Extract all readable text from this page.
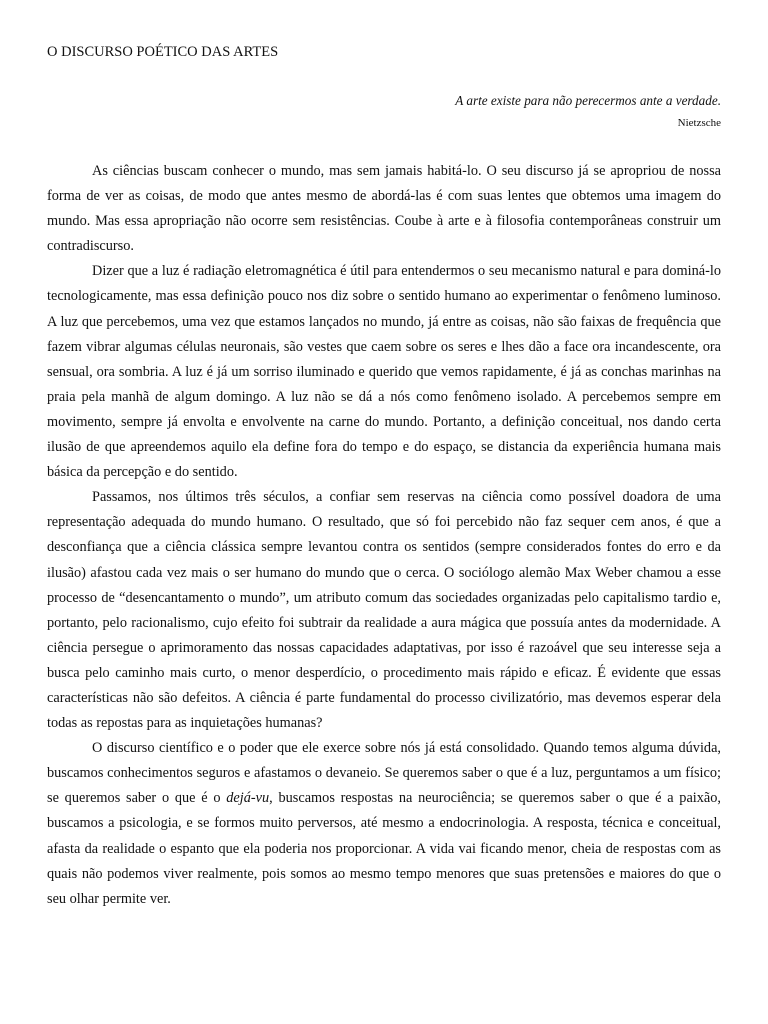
O DISCURSO POÉTICO DAS ARTES
A arte existe para não perecermos ante a verdade.
Nietzsche

As ciências buscam conhecer o mundo, mas sem jamais habitá-lo. O seu discurso já se apropriou de nossa forma de ver as coisas, de modo que antes mesmo de abordá-las é com suas lentes que obtemos uma imagem do mundo. Mas essa apropriação não ocorre sem resistências. Coube à arte e à filosofia contemporâneas construir um contradiscurso.

Dizer que a luz é radiação eletromagnética é útil para entendermos o seu mecanismo natural e para dominá-lo tecnologicamente, mas essa definição pouco nos diz sobre o sentido humano ao experimentar o fenômeno luminoso. A luz que percebemos, uma vez que estamos lançados no mundo, já entre as coisas, não são faixas de frequência que fazem vibrar algumas células neuronais, são vestes que caem sobre os seres e lhes dão a face ora incandescente, ora sensual, ora sombria. A luz é já um sorriso iluminado e querido que vemos rapidamente, é já as conchas marinhas na praia pela manhã de algum domingo. A luz não se dá a nós como fenômeno isolado. A percebemos sempre em movimento, sempre já envolta e envolvente na carne do mundo. Portanto, a definição conceitual, nos dando certa ilusão de que apreendemos aquilo ela define fora do tempo e do espaço, se distancia da experiência humana mais básica da percepção e do sentido.

Passamos, nos últimos três séculos, a confiar sem reservas na ciência como possível doadora de uma representação adequada do mundo humano. O resultado, que só foi percebido não faz sequer cem anos, é que a desconfiança que a ciência clássica sempre levantou contra os sentidos (sempre considerados fontes do erro e da ilusão) afastou cada vez mais o ser humano do mundo que o cerca. O sociólogo alemão Max Weber chamou a esse processo de “desencantamento o mundo”, um atributo comum das sociedades organizadas pelo capitalismo tardio e, portanto, pelo racionalismo, cujo efeito foi subtrair da realidade a aura mágica que possuía antes da modernidade. A ciência persegue o aprimoramento das nossas capacidades adaptativas, por isso é razoável que seu interesse seja a busca pelo caminho mais curto, o menor desperdício, o procedimento mais rápido e eficaz. É evidente que essas características não são defeitos. A ciência é parte fundamental do processo civilizatório, mas devemos esperar dela todas as repostas para as inquietações humanas?

O discurso científico e o poder que ele exerce sobre nós já está consolidado. Quando temos alguma dúvida, buscamos conhecimentos seguros e afastamos o devaneio. Se queremos saber o que é a luz, perguntamos a um físico; se queremos saber o que é o dejá-vu, buscamos respostas na neurociência; se queremos saber o que é a paixão, buscamos a psicologia, e se formos muito perversos, até mesmo a endocrinologia. A resposta, técnica e conceitual, afasta da realidade o espanto que ela poderia nos proporcionar. A vida vai ficando menor, cheia de respostas com as quais não podemos viver realmente, pois somos ao mesmo tempo menores que suas pretensões e maiores do que o seu olhar permite ver.
